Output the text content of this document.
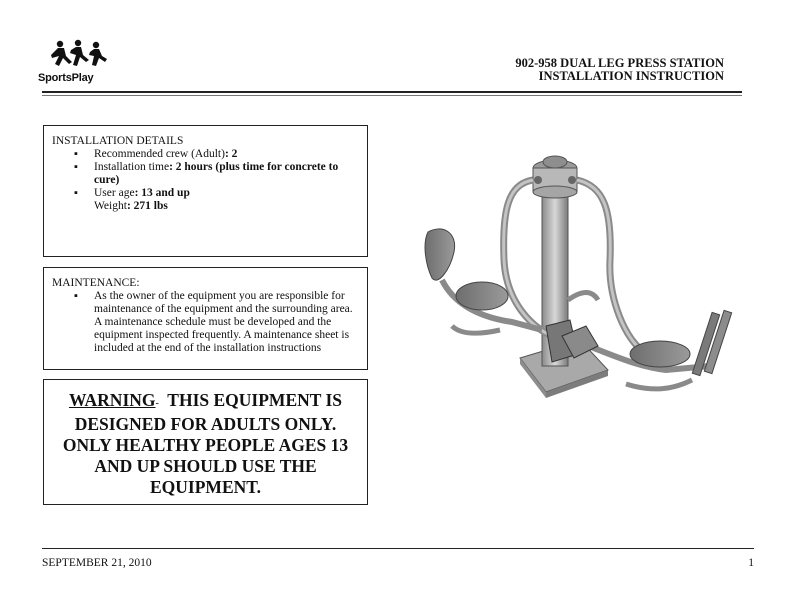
SportsPlay
902-958 DUAL LEG PRESS STATION
INSTALLATION INSTRUCTION
INSTALLATION DETAILS
▪ Recommended crew (Adult): 2
▪ Installation time: 2 hours (plus time for concrete to cure)
▪ User age: 13 and up
Weight: 271 lbs
MAINTENANCE:
▪ As the owner of the equipment you are responsible for maintenance of the equipment and the surrounding area. A maintenance schedule must be developed and the equipment inspected frequently. A maintenance sheet is included at the end of the installation instructions
WARNING- THIS EQUIPMENT IS DESIGNED FOR ADULTS ONLY. ONLY HEALTHY PEOPLE AGES 13 AND UP SHOULD USE THE EQUIPMENT.
SEPTEMBER 21, 2010	1
